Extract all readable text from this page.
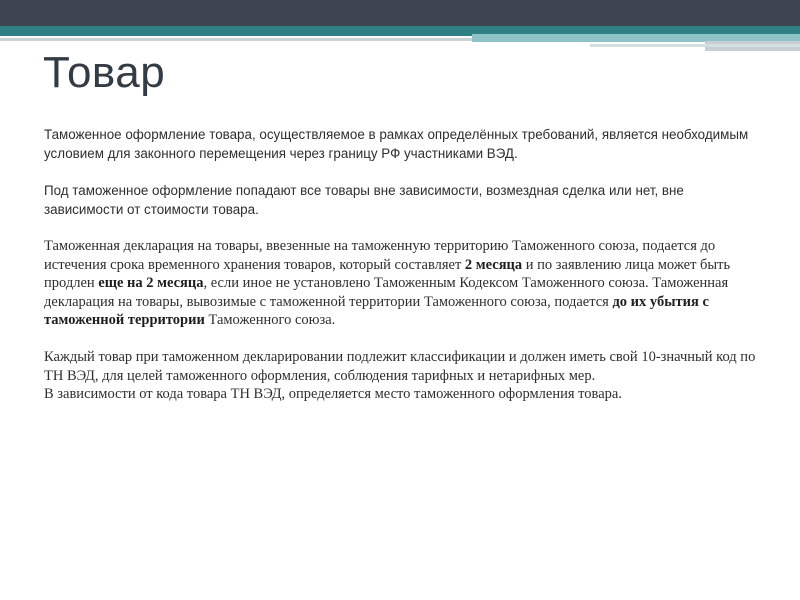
Товар

Таможенное оформление товара, осуществляемое в рамках определённых требований, является необходимым условием для законного перемещения через границу РФ участниками ВЭД.

Под таможенное оформление попадают все товары вне зависимости, возмездная сделка или нет, вне зависимости от стоимости товара.

Таможенная декларация на товары, ввезенные на таможенную территорию Таможенного союза, подается до истечения срока временного хранения товаров, который составляет 2 месяца и по заявлению лица может быть продлен еще на 2 месяца, если иное не установлено Таможенным Кодексом Таможенного союза. Таможенная декларация на товары, вывозимые с таможенной территории Таможенного союза, подается до их убытия с таможенной территории Таможенного союза.

Каждый товар при таможенном декларировании подлежит классификации и должен иметь свой 10-значный код по ТН ВЭД, для целей таможенного оформления, соблюдения тарифных и нетарифных мер.

В зависимости от кода товара ТН ВЭД, определяется место таможенного оформления товара.
